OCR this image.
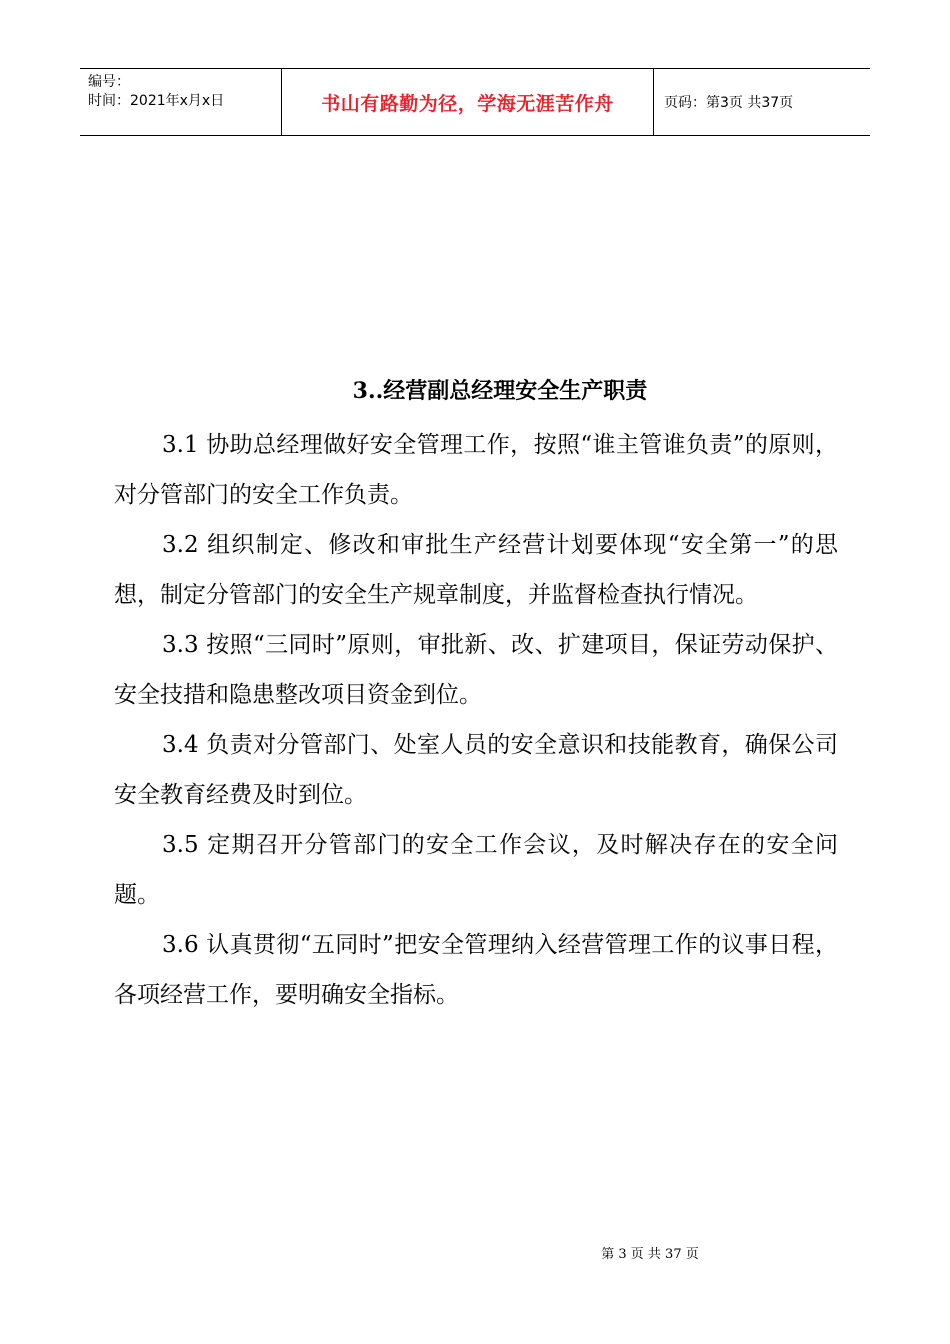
编号：
时间：2021年x月x日	书山有路勤为径，学海无涯苦作舟	页码：第3页 共37页
3..经营副总经理安全生产职责

3.1 协助总经理做好安全管理工作，按照“谁主管谁负责”的原则，对分管部门的安全工作负责。

3.2 组织制定、修改和审批生产经营计划要体现“安全第一”的思想，制定分管部门的安全生产规章制度，并监督检查执行情况。

3.3 按照“三同时”原则，审批新、改、扩建项目，保证劳动保护、安全技措和隐患整改项目资金到位。

3.4 负责对分管部门、处室人员的安全意识和技能教育，确保公司安全教育经费及时到位。

3.5 定期召开分管部门的安全工作会议，及时解决存在的安全问题。

3.6 认真贯彻“五同时”把安全管理纳入经营管理工作的议事日程，各项经营工作，要明确安全指标。

第 3 页 共 37 页
